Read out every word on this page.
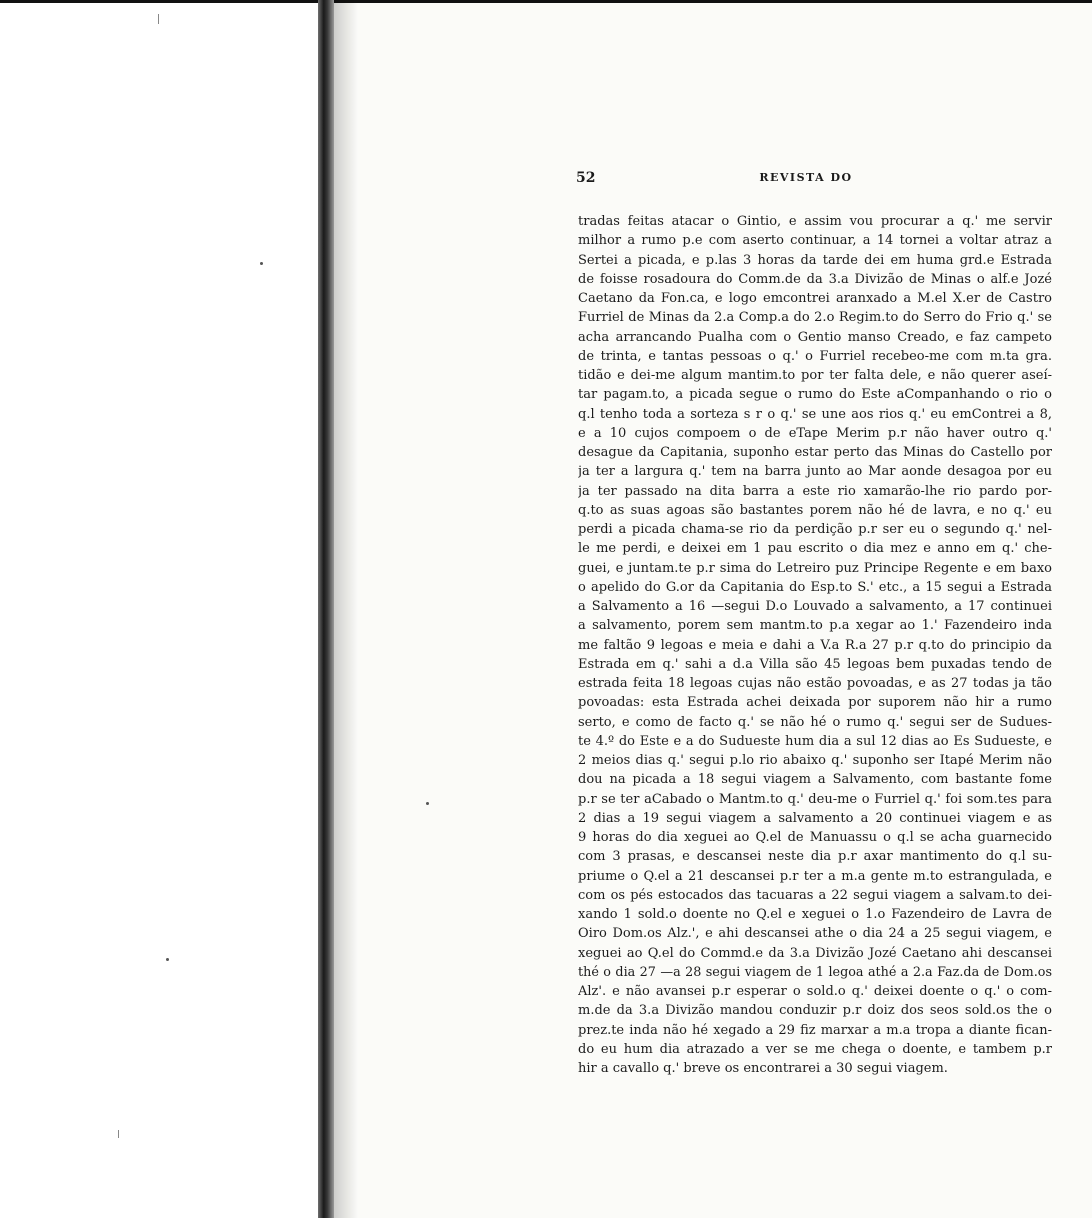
52	REVISTA DO
tradas feitas atacar o Gintio, e assim vou procurar a q.' me servir
milhor a rumo p.e com aserto continuar, a 14 tornei a voltar atraz a
Sertei a picada, e p.las 3 horas da tarde dei em huma grd.e Estrada
de foisse rosadoura do Comm.de da 3.a Divizão de Minas o alf.e Jozé
Caetano da Fon.ca, e logo emcontrei aranxado a M.el X.er de Castro
Furriel de Minas da 2.a Comp.a do 2.o Regim.to do Serro do Frio q.' se
acha arrancando Pualha com o Gentio manso Creado, e faz campeto
de trinta, e tantas pessoas o q.' o Furriel recebeo-me com m.ta gra.
tidão e dei-me algum mantim.to por ter falta dele, e não querer aseí-
tar pagam.to, a picada segue o rumo do Este aCompanhando o rio o
q.l tenho toda a sorteza s r o q.' se une aos rios q.' eu emContrei a 8,
e a 10 cujos compoem o de eTape Merim p.r não haver outro q.'
desague da Capitania, suponho estar perto das Minas do Castello por
ja ter a largura q.' tem na barra junto ao Mar aonde desagoa por eu
ja ter passado na dita barra a este rio xamarão-lhe rio pardo por-
q.to as suas agoas são bastantes porem não hé de lavra, e no q.' eu
perdi a picada chama-se rio da perdição p.r ser eu o segundo q.' nel-
le me perdi, e deixei em 1 pau escrito o dia mez e anno em q.' che-
guei, e juntam.te p.r sima do Letreiro puz Principe Regente e em baxo
o apelido do G.or da Capitania do Esp.to S.' etc., a 15 segui a Estrada
a Salvamento a 16 —segui D.o Louvado a salvamento, a 17 continuei
a salvamento, porem sem mantm.to p.a xegar ao 1.' Fazendeiro inda
me faltão 9 legoas e meia e dahi a V.a R.a 27 p.r q.to do principio da
Estrada em q.' sahi a d.a Villa são 45 legoas bem puxadas tendo de
estrada feita 18 legoas cujas não estão povoadas, e as 27 todas ja tão
povoadas: esta Estrada achei deixada por suporem não hir a rumo
serto, e como de facto q.' se não hé o rumo q.' segui ser de Sudues-
te 4.º do Este e a do Sudueste hum dia a sul 12 dias ao Es Sudueste, e
2 meios dias q.' segui p.lo rio abaixo q.' suponho ser Itapé Merim não
dou na picada a 18 segui viagem a Salvamento, com bastante fome
p.r se ter aCabado o Mantm.to q.' deu-me o Furriel q.' foi som.tes para
2 dias a 19 segui viagem a salvamento a 20 continuei viagem e as
9 horas do dia xeguei ao Q.el de Manuassu o q.l se acha guarnecido
com 3 prasas, e descansei neste dia p.r axar mantimento do q.l su-
priume o Q.el a 21 descansei p.r ter a m.a gente m.to estrangulada, e
com os pés estocados das tacuaras a 22 segui viagem a salvam.to dei-
xando 1 sold.o doente no Q.el e xeguei o 1.o Fazendeiro de Lavra de
Oiro Dom.os Alz.', e ahi descansei athe o dia 24 a 25 segui viagem, e
xeguei ao Q.el do Commd.e da 3.a Divizão Jozé Caetano ahi descansei
thé o dia 27 —a 28 segui viagem de 1 legoa athé a 2.a Faz.da de Dom.os
Alz'. e não avansei p.r esperar o sold.o q.' deixei doente o q.' o com-
m.de da 3.a Divizão mandou conduzir p.r doiz dos seos sold.os the o
prez.te inda não hé xegado a 29 fiz marxar a m.a tropa a diante fican-
do eu hum dia atrazado a ver se me chega o doente, e tambem p.r
hir a cavallo q.' breve os encontrarei a 30 segui viagem.
